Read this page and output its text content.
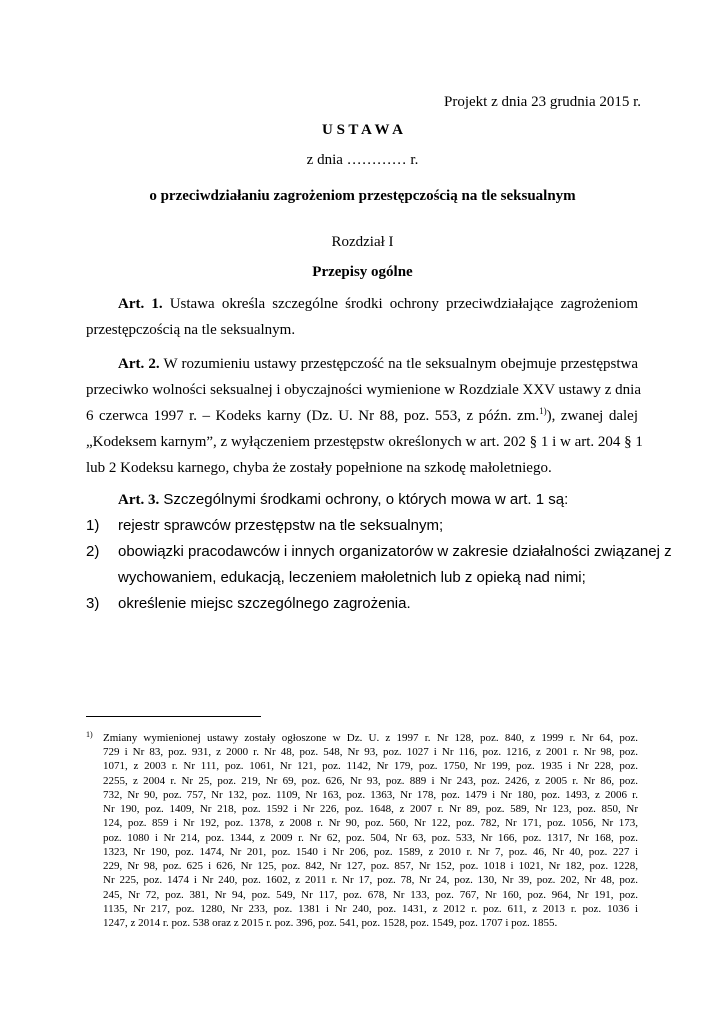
Projekt z dnia 23 grudnia 2015 r.
U S T A W A
z dnia ………… r.
o przeciwdziałaniu zagrożeniom przestępczością na tle seksualnym
Rozdział I
Przepisy ogólne
Art. 1. Ustawa określa szczególne środki ochrony przeciwdziałające zagrożeniom
przestępczością na tle seksualnym.
Art. 2. W rozumieniu ustawy przestępczość na tle seksualnym obejmuje przestępstwa
przeciwko wolności seksualnej i obyczajności wymienione w Rozdziale XXV ustawy z dnia
6 czerwca 1997 r. – Kodeks karny (Dz. U. Nr 88, poz. 553, z późn. zm.$^{1)}$), zwanej dalej
„Kodeksem karnym”, z wyłączeniem przestępstw określonych w art. 202 § 1 i w art. 204 § 1
lub 2 Kodeksu karnego, chyba że zostały popełnione na szkodę małoletniego.
Art. 3. Szczególnymi środkami ochrony, o których mowa w art. 1 są:
1) rejestr sprawców przestępstw na tle seksualnym;
2) obowiązki pracodawców i innych organizatorów w zakresie działalności związanej z
wychowaniem, edukacją, leczeniem małoletnich lub z opieką nad nimi;
3) określenie miejsc szczególnego zagrożenia.
1) Zmiany wymienionej ustawy zostały ogłoszone w Dz. U. z 1997 r. Nr 128, poz. 840, z 1999 r. Nr 64, poz.
729 i Nr 83, poz. 931, z 2000 r. Nr 48, poz. 548, Nr 93, poz. 1027 i Nr 116, poz. 1216, z 2001 r. Nr 98, poz.
1071, z 2003 r. Nr 111, poz. 1061, Nr 121, poz. 1142, Nr 179, poz. 1750, Nr 199, poz. 1935 i Nr 228, poz.
2255, z 2004 r. Nr 25, poz. 219, Nr 69, poz. 626, Nr 93, poz. 889 i Nr 243, poz. 2426, z 2005 r. Nr 86, poz.
732, Nr 90, poz. 757, Nr 132, poz. 1109, Nr 163, poz. 1363, Nr 178, poz. 1479 i Nr 180, poz. 1493, z 2006 r.
Nr 190, poz. 1409, Nr 218, poz. 1592 i Nr 226, poz. 1648, z 2007 r. Nr 89, poz. 589, Nr 123, poz. 850, Nr
124, poz. 859 i Nr 192, poz. 1378, z 2008 r. Nr 90, poz. 560, Nr 122, poz. 782, Nr 171, poz. 1056, Nr 173,
poz. 1080 i Nr 214, poz. 1344, z 2009 r. Nr 62, poz. 504, Nr 63, poz. 533, Nr 166, poz. 1317, Nr 168, poz.
1323, Nr 190, poz. 1474, Nr 201, poz. 1540 i Nr 206, poz. 1589, z 2010 r. Nr 7, poz. 46, Nr 40, poz. 227 i
229, Nr 98, poz. 625 i 626, Nr 125, poz. 842, Nr 127, poz. 857, Nr 152, poz. 1018 i 1021, Nr 182, poz. 1228,
Nr 225, poz. 1474 i Nr 240, poz. 1602, z 2011 r. Nr 17, poz. 78, Nr 24, poz. 130, Nr 39, poz. 202, Nr 48, poz.
245, Nr 72, poz. 381, Nr 94, poz. 549, Nr 117, poz. 678, Nr 133, poz. 767, Nr 160, poz. 964, Nr 191, poz.
1135, Nr 217, poz. 1280, Nr 233, poz. 1381 i Nr 240, poz. 1431, z 2012 r. poz. 611, z 2013 r. poz. 1036 i
1247, z 2014 r. poz. 538 oraz z 2015 r. poz. 396, poz. 541, poz. 1528, poz. 1549, poz. 1707 i poz. 1855.
